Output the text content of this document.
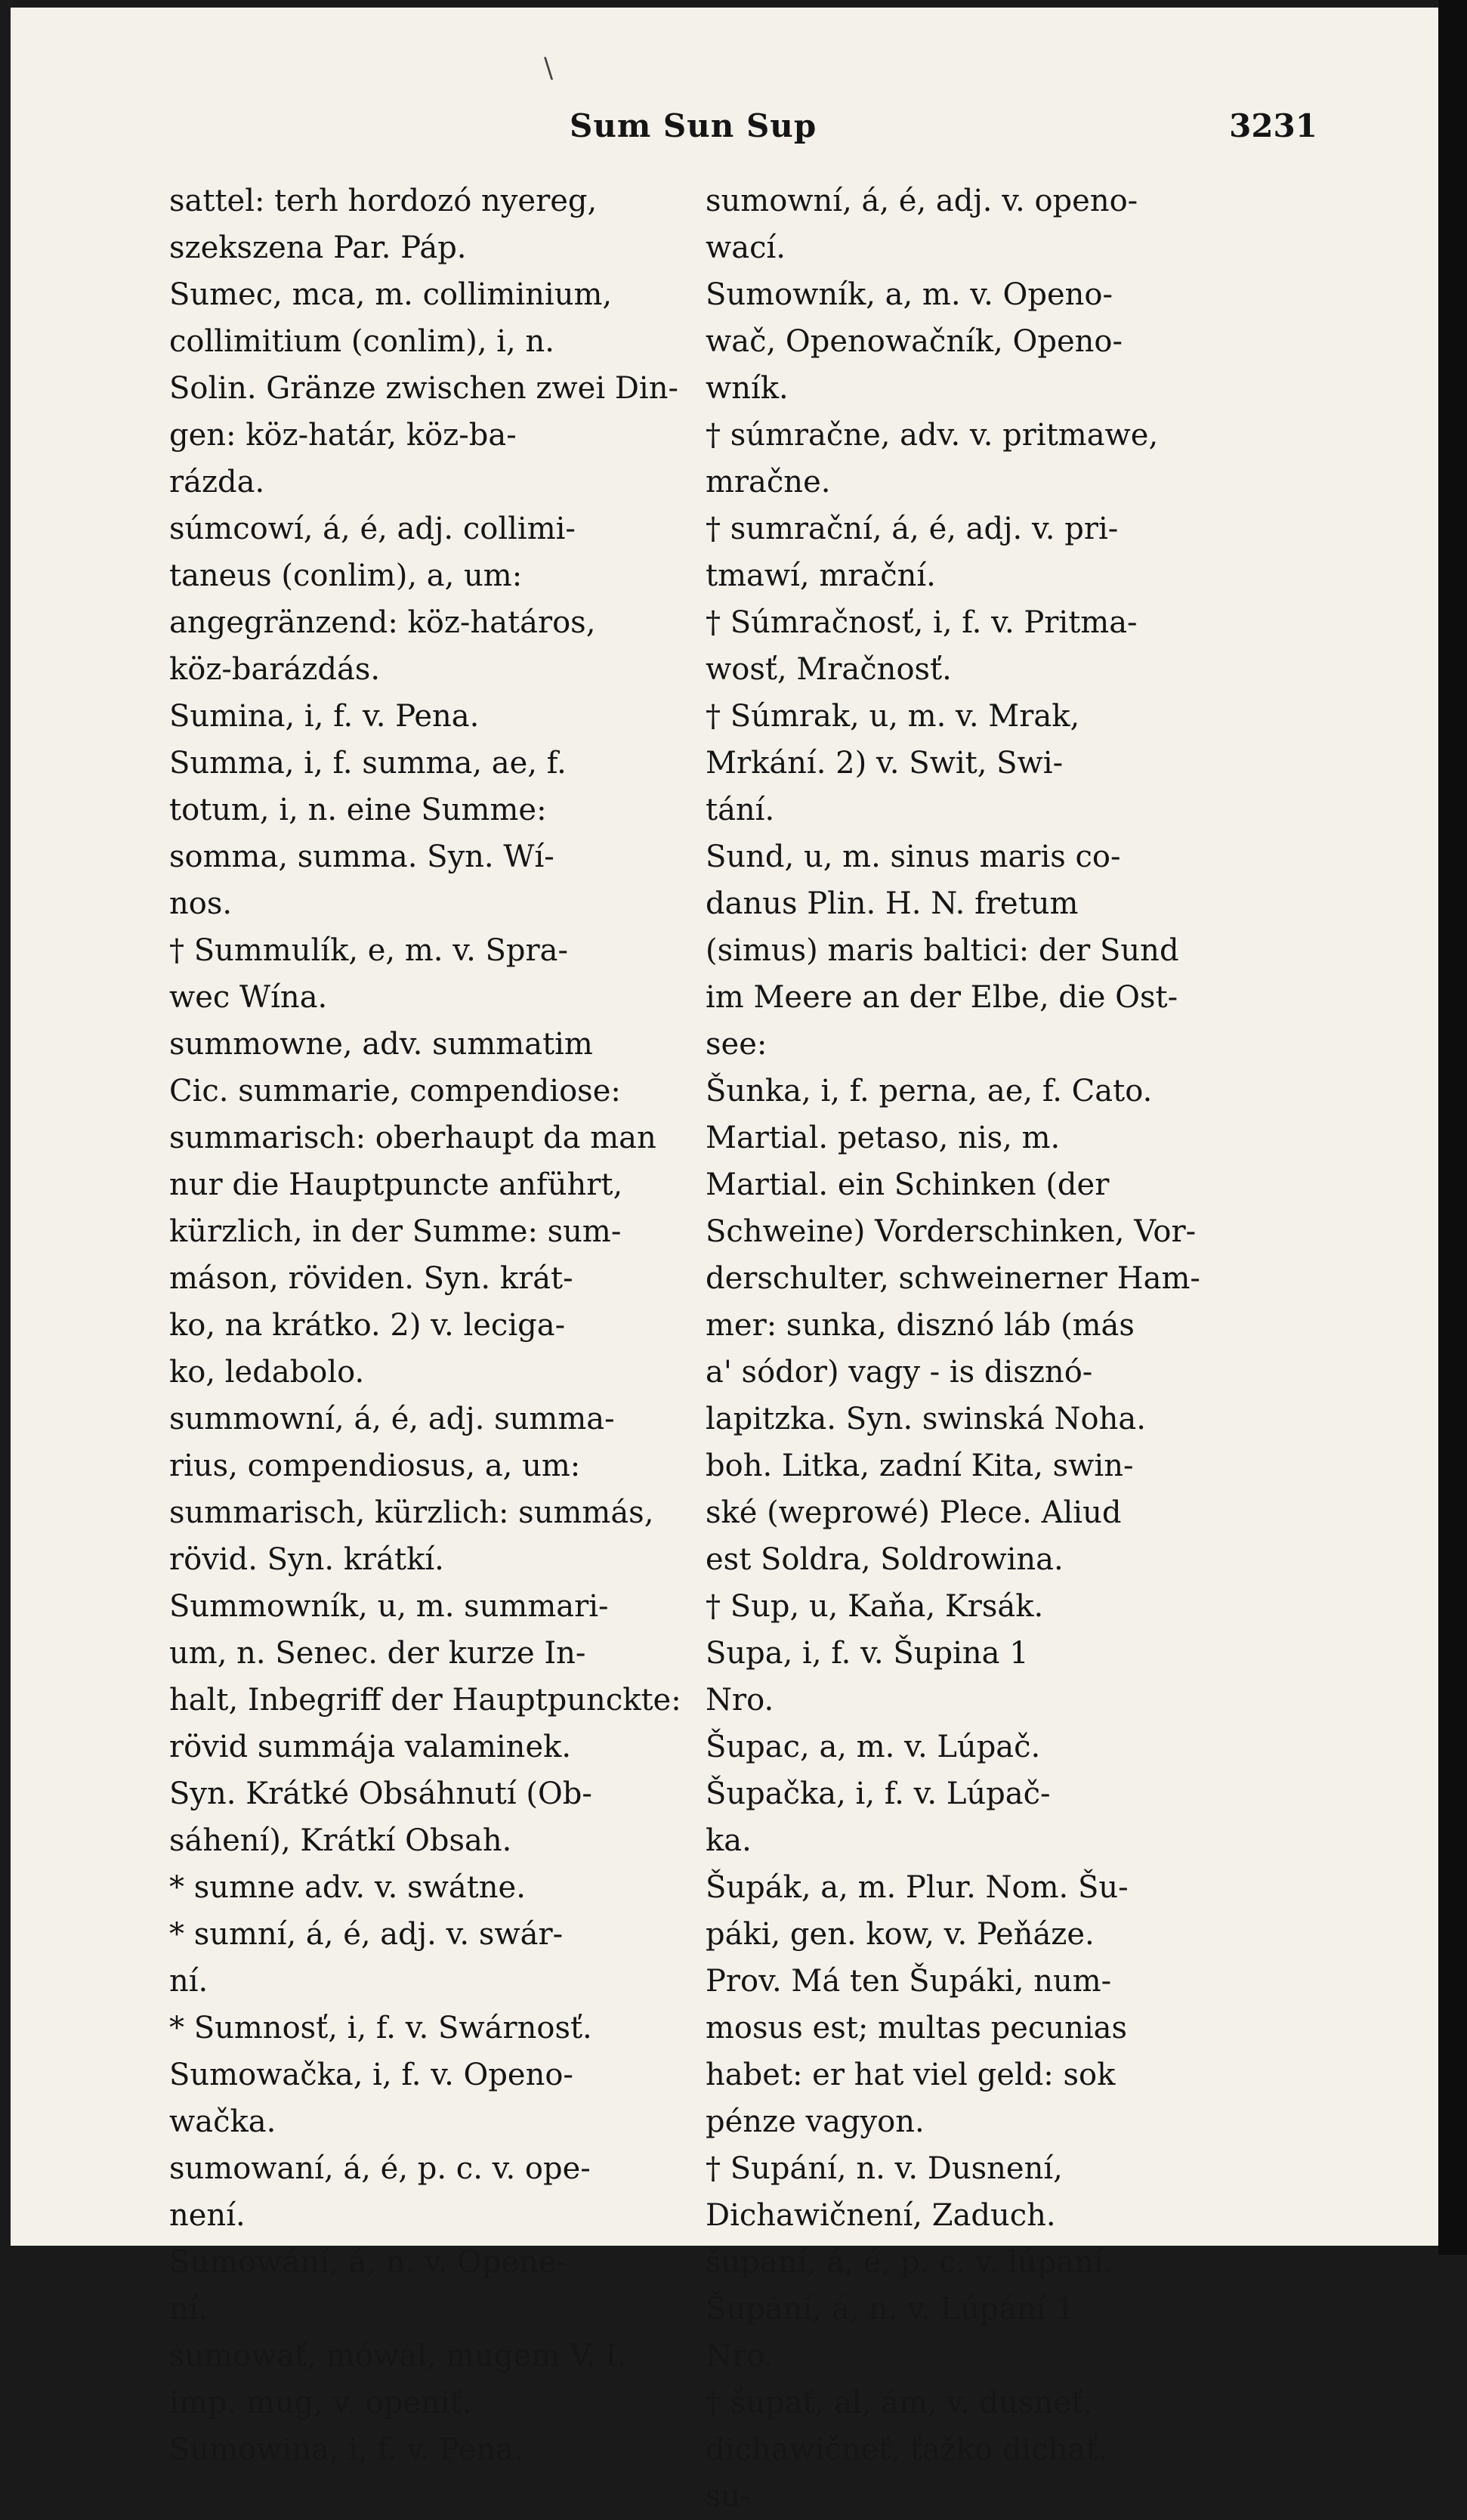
Sum Sun Sup	3231
\
sattel: terh hordozó nyereg,
szekszena Par. Páp.
Sumec, mca, m. colliminium,
collimitium (conlim), i, n.
Solin. Gränze zwischen zwei Din-
gen: köz-határ, köz-ba-
rázda.
súmcowí, á, é, adj. collimi-
taneus (conlim), a, um:
angegränzend: köz-határos,
köz-barázdás.
Sumina, i, f. v. Pena.
Summa, i, f. summa, ae, f.
totum, i, n. eine Summe:
somma, summa. Syn. Wí-
nos.
† Summulík, e, m. v. Spra-
wec Wína.
summowne, adv. summatim
Cic. summarie, compendiose:
summarisch: oberhaupt da man
nur die Hauptpuncte anführt,
kürzlich, in der Summe: sum-
máson, röviden. Syn. krát-
ko, na krátko. 2) v. leciga-
ko, ledabolo.
summowní, á, é, adj. summa-
rius, compendiosus, a, um:
summarisch, kürzlich: summás,
rövid. Syn. krátkí.
Summowník, u, m. summari-
um, n. Senec. der kurze In-
halt, Inbegriff der Hauptpunckte:
rövid summája valaminek.
Syn. Krátké Obsáhnutí (Ob-
sáhení), Krátkí Obsah.
* sumne adv. v. swátne.
* sumní, á, é, adj. v. swár-
ní.
* Sumnosť, i, f. v. Swárnosť.
Sumowačka, i, f. v. Openo-
wačka.
sumowaní, á, é, p. c. v. ope-
není.
Sumowání, á, n. v. Opene-
ní.
sumowať, mówal, mugem V. I.
imp. mug, v. openiť.
Sumowina, i, f. v. Pena.
sumowní, á, é, adj. v. openo-
wací.
Sumowník, a, m. v. Openo-
wač, Openowačník, Openo-
wník.
† súmračne, adv. v. pritmawe,
mračne.
† sumrační, á, é, adj. v. pri-
tmawí, mrační.
† Súmračnosť, i, f. v. Pritma-
wosť, Mračnosť.
† Súmrak, u, m. v. Mrak,
Mrkání. 2) v. Swit, Swi-
tání.
Sund, u, m. sinus maris co-
danus Plin. H. N. fretum
(simus) maris baltici: der Sund
im Meere an der Elbe, die Ost-
see:
Šunka, i, f. perna, ae, f. Cato.
Martial. petaso, nis, m.
Martial. ein Schinken (der
Schweine) Vorderschinken, Vor-
derschulter, schweinerner Ham-
mer: sunka, disznó láb (más
a' sódor) vagy - is disznó-
lapitzka. Syn. swinská Noha.
boh. Litka, zadní Kita, swin-
ské (weprowé) Plece. Aliud
est Soldra, Soldrowina.
† Sup, u, Kaňa, Krsák.
Supa, i, f. v. Šupina 1
Nro.
Šupac, a, m. v. Lúpač.
Šupačka, i, f. v. Lúpač-
ka.
Šupák, a, m. Plur. Nom. Šu-
páki, gen. kow, v. Peňáze.
Prov. Má ten Šupáki, num-
mosus est; multas pecunias
habet: er hat viel geld: sok
pénze vagyon.
† Supání, n. v. Dusnení,
Dichawičnení, Zaduch.
šupaní, á, é, p. c. v. lúpaní.
Šupání, á, n. v. Lúpání 1
Nro.
† šupať, al, ám, v. dusneť,
dichawičneť, ťažko dichať.
su-
